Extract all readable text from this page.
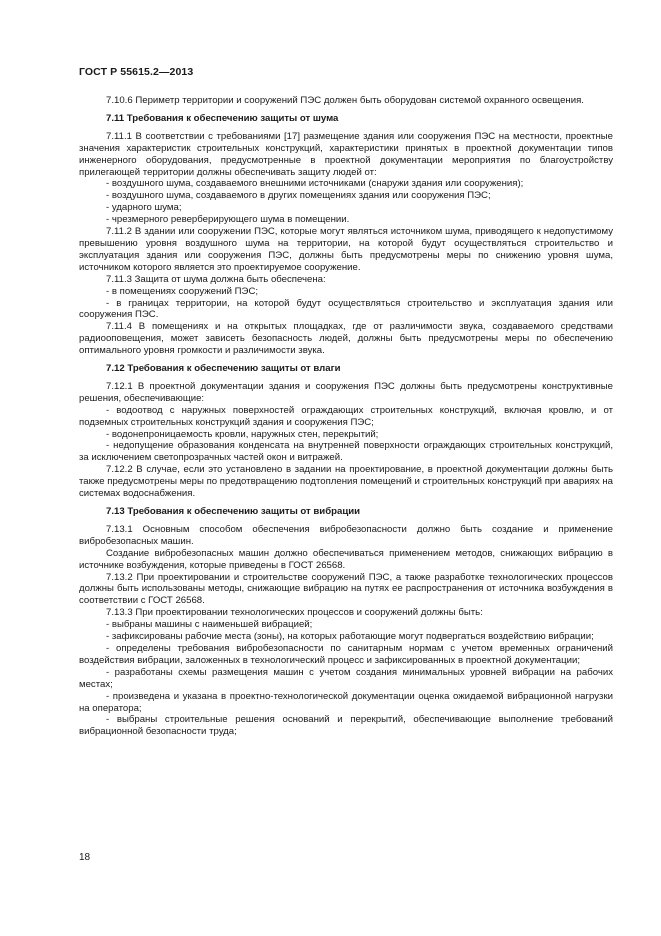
ГОСТ Р 55615.2—2013

7.10.6 Периметр территории и сооружений ПЭС должен быть оборудован системой охранного освещения.

7.11 Требования к обеспечению защиты от шума

7.11.1 В соответствии с требованиями [17] размещение здания или сооружения ПЭС на местности, проектные значения характеристик строительных конструкций, характеристики принятых в проектной документации типов инженерного оборудования, предусмотренные в проектной документации мероприятия по благоустройству прилегающей территории должны обеспечивать защиту людей от:

- воздушного шума, создаваемого внешними источниками (снаружи здания или сооружения);

- воздушного шума, создаваемого в других помещениях здания или сооружения ПЭС;

- ударного шума;

- чрезмерного реверберирующего шума в помещении.

7.11.2 В здании или сооружении ПЭС, которые могут являться источником шума, приводящего к недопустимому превышению уровня воздушного шума на территории, на которой будут осуществляться строительство и эксплуатация здания или сооружения ПЭС, должны быть предусмотрены меры по снижению уровня шума, источником которого является это проектируемое сооружение.

7.11.3 Защита от шума должна быть обеспечена:

- в помещениях сооружений ПЭС;

- в границах территории, на которой будут осуществляться строительство и эксплуатация здания или сооружения ПЭС.

7.11.4 В помещениях и на открытых площадках, где от различимости звука, создаваемого средствами радиооповещения, может зависеть безопасность людей, должны быть предусмотрены меры по обеспечению оптимального уровня громкости и различимости звука.

7.12 Требования к обеспечению защиты от влаги

7.12.1 В проектной документации здания и сооружения ПЭС должны быть предусмотрены конструктивные решения, обеспечивающие:

- водоотвод с наружных поверхностей ограждающих строительных конструкций, включая кровлю, и от подземных строительных конструкций здания и сооружения ПЭС;

- водонепроницаемость кровли, наружных стен, перекрытий;

- недопущение образования конденсата на внутренней поверхности ограждающих строительных конструкций, за исключением светопрозрачных частей окон и витражей.

7.12.2 В случае, если это установлено в задании на проектирование, в проектной документации должны быть также предусмотрены меры по предотвращению подтопления помещений и строительных конструкций при авариях на системах водоснабжения.

7.13 Требования к обеспечению защиты от вибрации

7.13.1 Основным способом обеспечения вибробезопасности должно быть создание и применение вибробезопасных машин.

Создание вибробезопасных машин должно обеспечиваться применением методов, снижающих вибрацию в источнике возбуждения, которые приведены в ГОСТ 26568.

7.13.2 При проектировании и строительстве сооружений ПЭС, а также разработке технологических процессов должны быть использованы методы, снижающие вибрацию на путях ее распространения от источника возбуждения в соответствии с ГОСТ 26568.

7.13.3 При проектировании технологических процессов и сооружений должны быть:

- выбраны машины с наименьшей вибрацией;

- зафиксированы рабочие места (зоны), на которых работающие могут подвергаться воздействию вибрации;

- определены требования вибробезопасности по санитарным нормам с учетом временных ограничений воздействия вибрации, заложенных в технологический процесс и зафиксированных в проектной документации;

- разработаны схемы размещения машин с учетом создания минимальных уровней вибрации на рабочих местах;

- произведена и указана в проектно-технологической документации оценка ожидаемой вибрационной нагрузки на оператора;

- выбраны строительные решения оснований и перекрытий, обеспечивающие выполнение требований вибрационной безопасности труда;

18
